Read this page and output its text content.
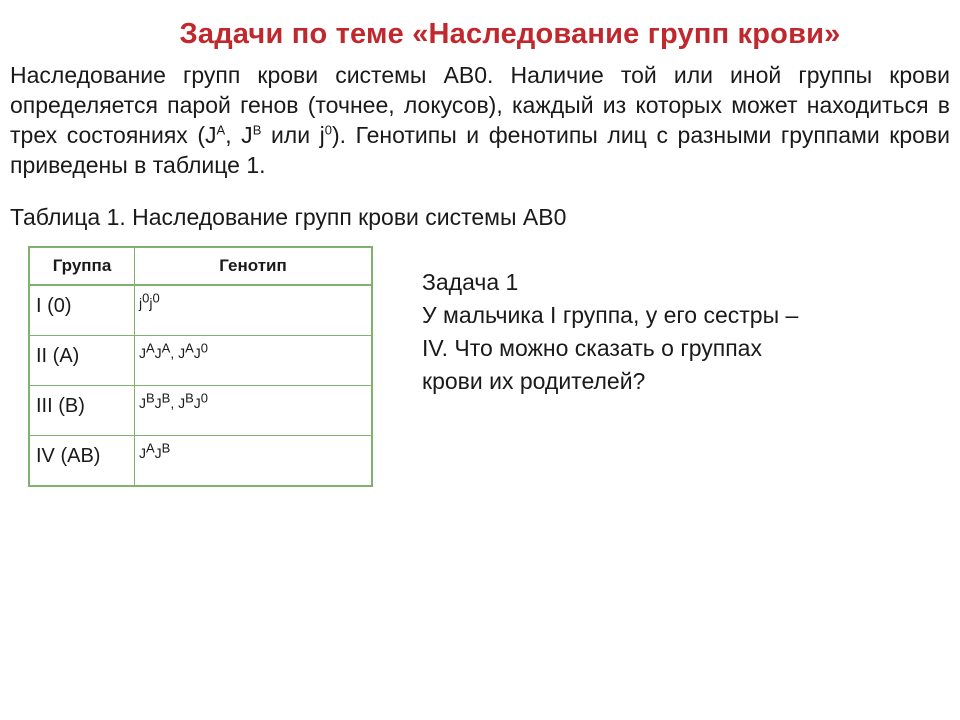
Задачи по теме «Наследование групп крови»

Наследование групп крови системы АВ0. Наличие той или иной группы крови определяется парой генов (точнее, локусов), каждый из которых может находиться в трех состояниях ($J^A$, $J^B$ или $j^0$). Генотипы и фенотипы лиц с разными группами крови приведены в таблице 1.

Таблица 1. Наследование групп крови системы АВ0
Группа	Генотип
I (0)	$j^0j^0$
II (A)	$J^AJ^A$, $J^AJ^0$
III (B)	$J^BJ^B$, $J^BJ^0$
IV (AB)	$J^AJ^B$
Задача 1
У мальчика I группа, у его сестры –
IV. Что можно сказать о группах
крови их родителей?
